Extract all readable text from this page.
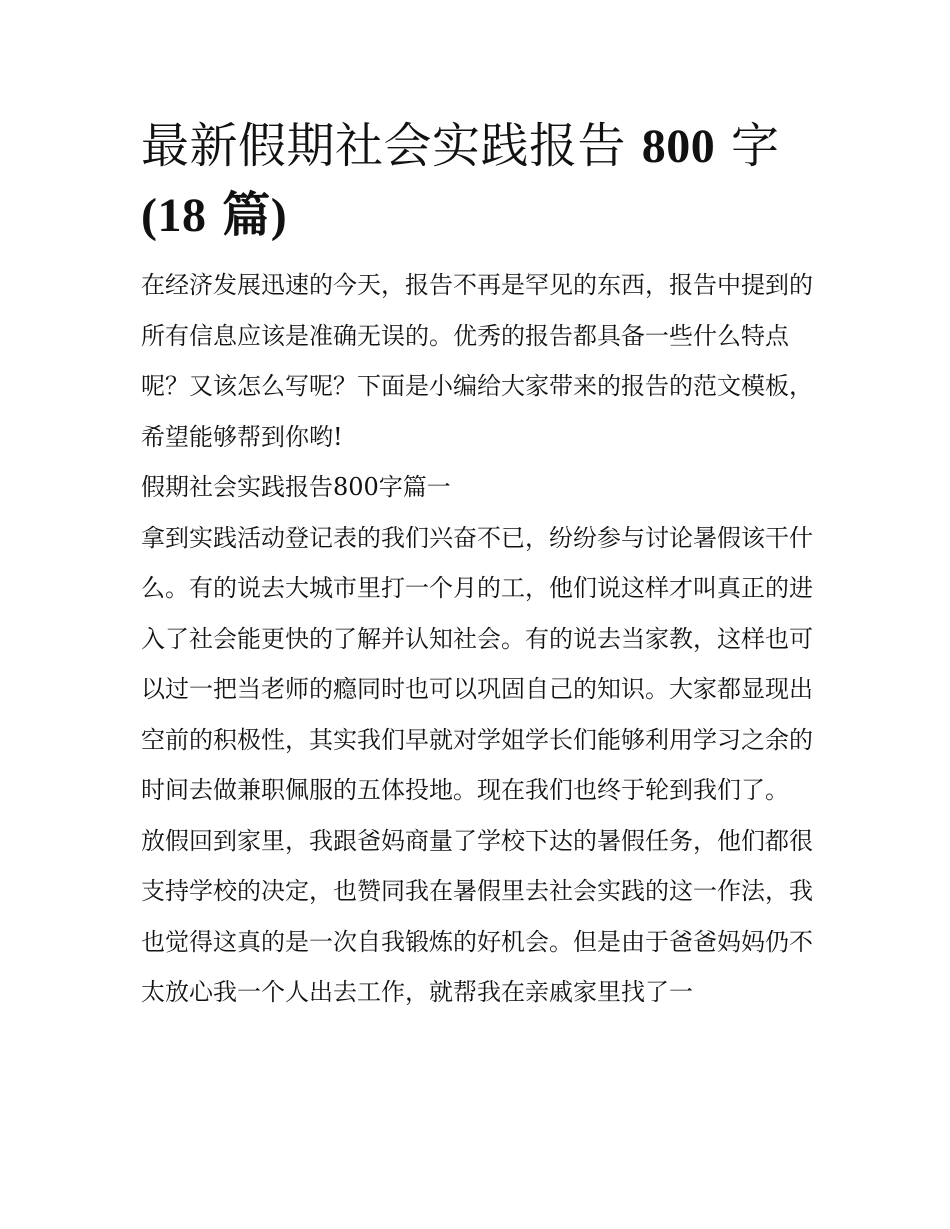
最新假期社会实践报告 800 字
(18 篇)

在经济发展迅速的今天，报告不再是罕见的东西，报告中提到的所有信息应该是准确无误的。优秀的报告都具备一些什么特点呢？又该怎么写呢？下面是小编给大家带来的报告的范文模板，希望能够帮到你哟!

假期社会实践报告800字篇一

拿到实践活动登记表的我们兴奋不已，纷纷参与讨论暑假该干什么。有的说去大城市里打一个月的工，他们说这样才叫真正的进入了社会能更快的了解并认知社会。有的说去当家教，这样也可以过一把当老师的瘾同时也可以巩固自己的知识。大家都显现出空前的积极性，其实我们早就对学姐学长们能够利用学习之余的时间去做兼职佩服的五体投地。现在我们也终于轮到我们了。

放假回到家里，我跟爸妈商量了学校下达的暑假任务，他们都很支持学校的决定，也赞同我在暑假里去社会实践的这一作法，我也觉得这真的是一次自我锻炼的好机会。但是由于爸爸妈妈仍不太放心我一个人出去工作，就帮我在亲戚家里找了一
